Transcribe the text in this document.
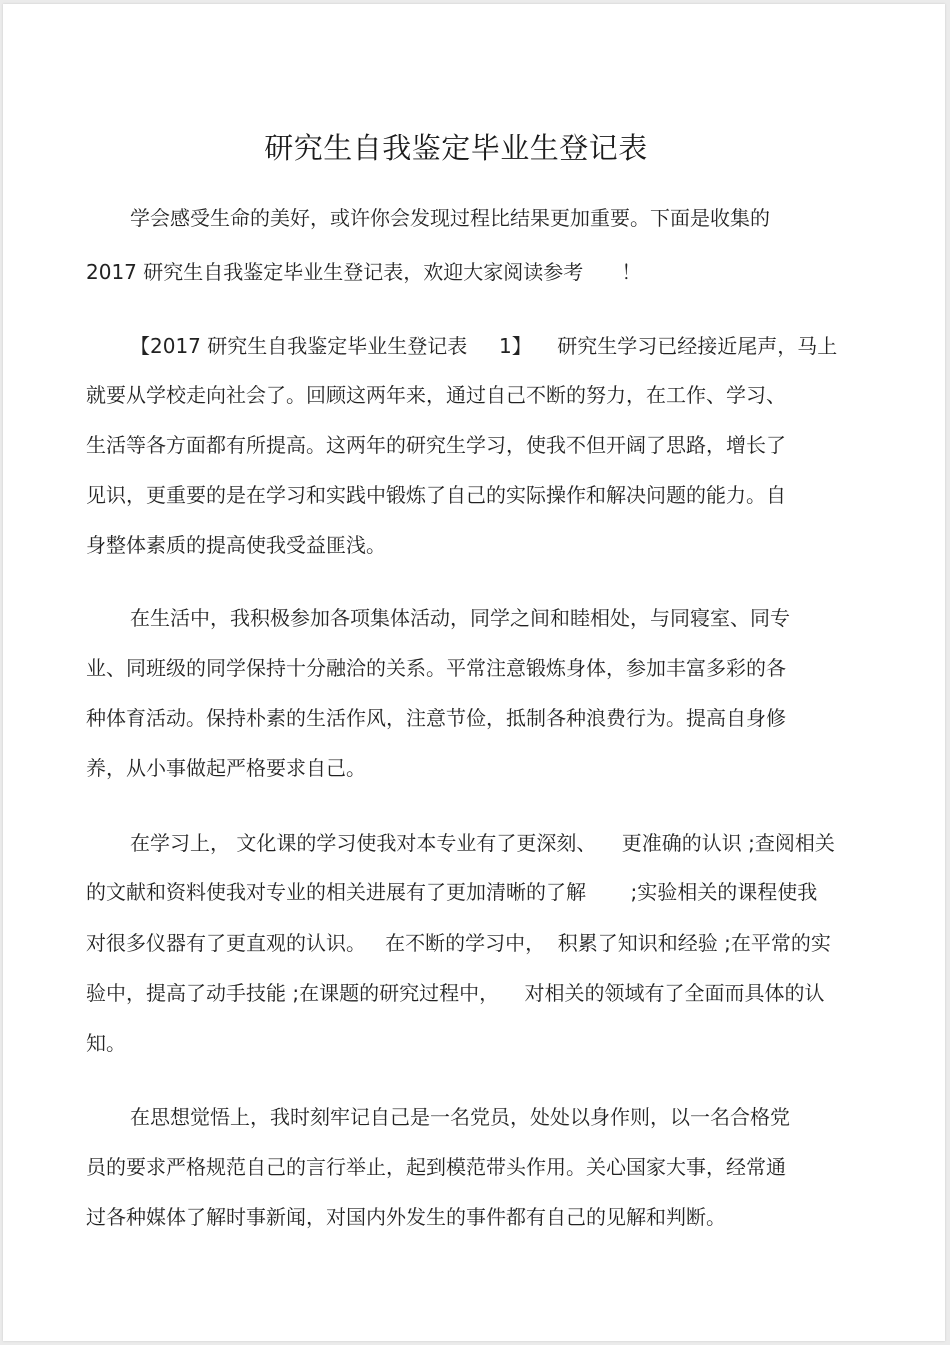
研究生自我鉴定毕业生登记表
学会感受生命的美好，或许你会发现过程比结果更加重要。下面是收集的
2017 研究生自我鉴定毕业生登记表，欢迎大家阅读参考      ！
【2017 研究生自我鉴定毕业生登记表     1】    研究生学习已经接近尾声，马上
就要从学校走向社会了。回顾这两年来，通过自己不断的努力，在工作、学习、
生活等各方面都有所提高。这两年的研究生学习，使我不但开阔了思路，增长了
见识，更重要的是在学习和实践中锻炼了自己的实际操作和解决问题的能力。自
身整体素质的提高使我受益匪浅。
在生活中，我积极参加各项集体活动，同学之间和睦相处，与同寝室、同专
业、同班级的同学保持十分融洽的关系。平常注意锻炼身体，参加丰富多彩的各
种体育活动。保持朴素的生活作风，注意节俭，抵制各种浪费行为。提高自身修
养，从小事做起严格要求自己。
在学习上， 文化课的学习使我对本专业有了更深刻、    更准确的认识 ;查阅相关
的文献和资料使我对专业的相关进展有了更加清晰的了解       ;实验相关的课程使我
对很多仪器有了更直观的认识。   在不断的学习中，  积累了知识和经验 ;在平常的实
验中，提高了动手技能 ;在课题的研究过程中，    对相关的领域有了全面而具体的认
知。
在思想觉悟上，我时刻牢记自己是一名党员，处处以身作则，以一名合格党
员的要求严格规范自己的言行举止，起到模范带头作用。关心国家大事，经常通
过各种媒体了解时事新闻，对国内外发生的事件都有自己的见解和判断。
